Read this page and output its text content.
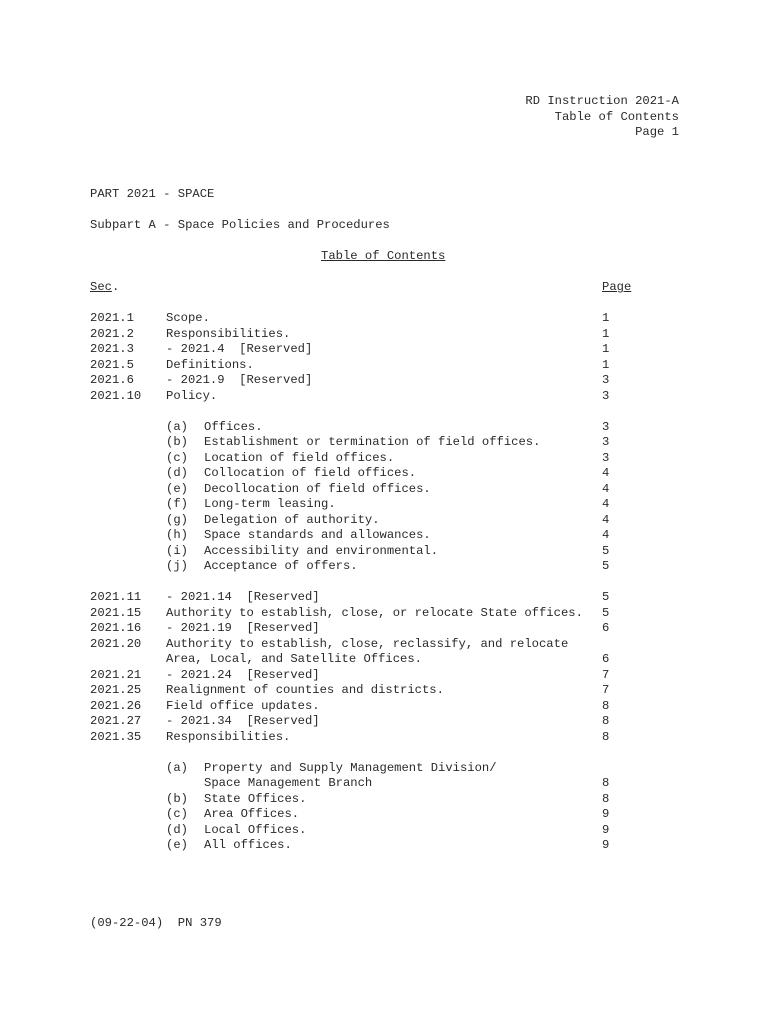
RD Instruction 2021-A
Table of Contents
Page 1
PART 2021 - SPACE
Subpart A - Space Policies and Procedures
Table of Contents
Sec.	Page
2021.1	Scope.	1
2021.2	Responsibilities.	1
2021.3	- 2021.4  [Reserved]	1
2021.5	Definitions.	1
2021.6	- 2021.9  [Reserved]	3
2021.10 Policy.	3
(a) Offices.	3
(b) Establishment or termination of field offices.	3
(c) Location of field offices.	3
(d) Collocation of field offices.	4
(e) Decollocation of field offices.	4
(f) Long-term leasing.	4
(g) Delegation of authority.	4
(h) Space standards and allowances.	4
(i) Accessibility and environmental.	5
(j) Acceptance of offers.	5
2021.11 - 2021.14  [Reserved]	5
2021.15 Authority to establish, close, or relocate State offices. 5
2021.16 - 2021.19  [Reserved]	6
2021.20 Authority to establish, close, reclassify, and relocate
Area, Local, and Satellite Offices.	6
2021.21 - 2021.24  [Reserved]	7
2021.25 Realignment of counties and districts.	7
2021.26 Field office updates.	8
2021.27 - 2021.34  [Reserved]	8
2021.35 Responsibilities.	8
(a) Property and Supply Management Division/
Space Management Branch	8
(b) State Offices.	8
(c) Area Offices.	9
(d) Local Offices.	9
(e) All offices.	9
(09-22-04)  PN 379
